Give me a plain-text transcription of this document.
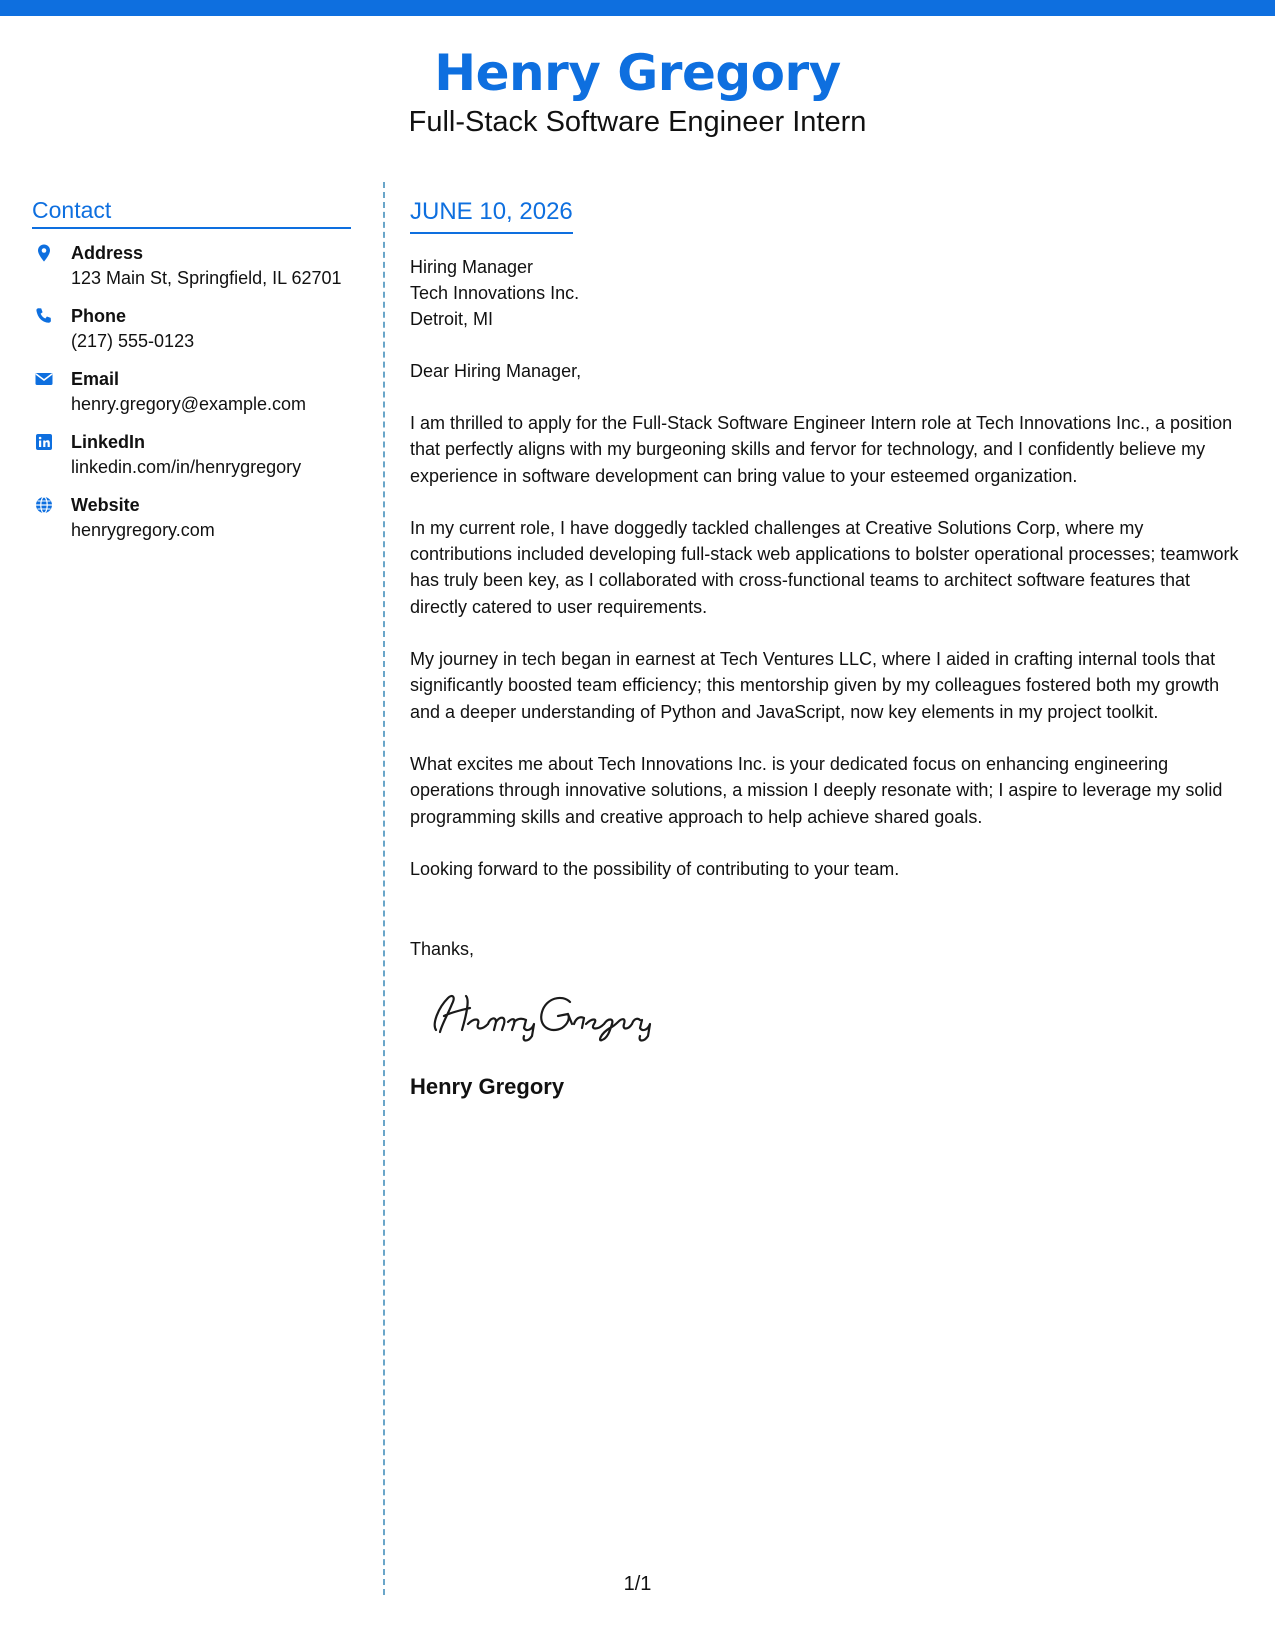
Henry Gregory
Full-Stack Software Engineer Intern
Contact
Address
123 Main St, Springfield, IL 62701
Phone
(217) 555-0123
Email
henry.gregory@example.com
LinkedIn
linkedin.com/in/henrygregory
Website
henrygregory.com
JUNE 10, 2026
Hiring Manager
Tech Innovations Inc.
Detroit, MI
Dear Hiring Manager,
I am thrilled to apply for the Full-Stack Software Engineer Intern role at Tech Innovations Inc., a position that perfectly aligns with my burgeoning skills and fervor for technology, and I confidently believe my experience in software development can bring value to your esteemed organization.
In my current role, I have doggedly tackled challenges at Creative Solutions Corp, where my contributions included developing full-stack web applications to bolster operational processes; teamwork has truly been key, as I collaborated with cross-functional teams to architect software features that directly catered to user requirements.
My journey in tech began in earnest at Tech Ventures LLC, where I aided in crafting internal tools that significantly boosted team efficiency; this mentorship given by my colleagues fostered both my growth and a deeper understanding of Python and JavaScript, now key elements in my project toolkit.
What excites me about Tech Innovations Inc. is your dedicated focus on enhancing engineering operations through innovative solutions, a mission I deeply resonate with; I aspire to leverage my solid programming skills and creative approach to help achieve shared goals.
Looking forward to the possibility of contributing to your team.
Thanks,
Henry Gregory
1/1
